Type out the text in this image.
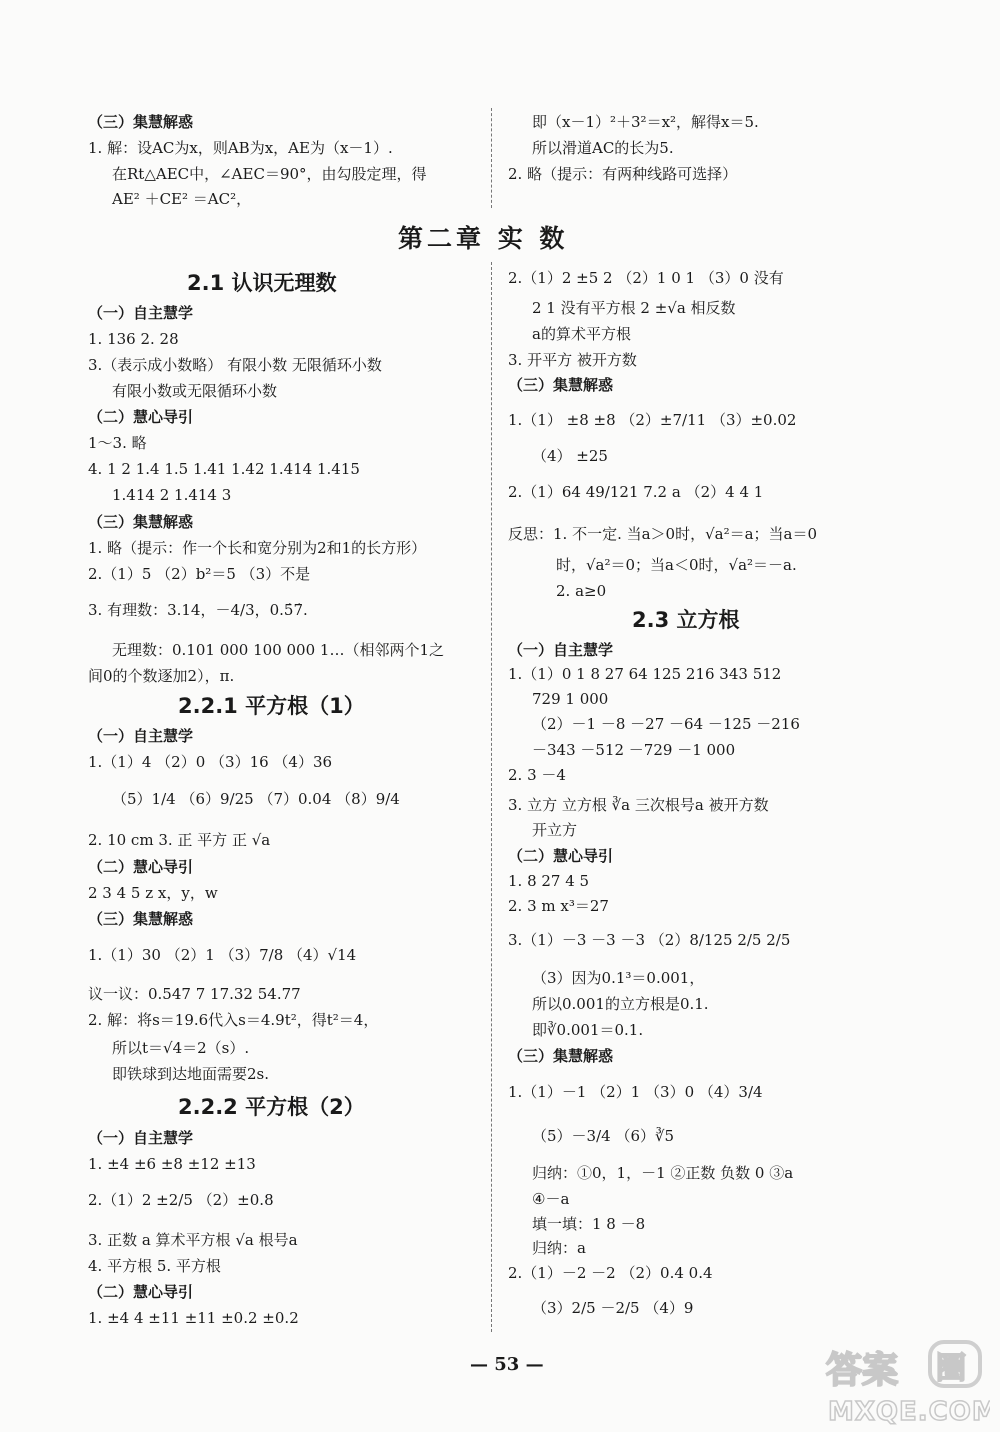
（三）集慧解惑
1. 解：设AC为x，则AB为x，AE为（x－1）.
在Rt△AEC中，∠AEC＝90°，由勾股定理，得
AE² ＋CE² ＝AC²，
即（x－1）²＋3²＝x²，解得x＝5.
所以滑道AC的长为5.
2. 略（提示：有两种线路可选择）
第二章 实 数
2.1 认识无理数
（一）自主慧学
1. 136 2. 28
3.（表示成小数略） 有限小数 无限循环小数
有限小数或无限循环小数
（二）慧心导引
1～3. 略
4. 1 2 1.4 1.5 1.41 1.42 1.414 1.415
1.414 2 1.414 3
（三）集慧解惑
1. 略（提示：作一个长和宽分别为2和1的长方形）
2.（1）5 （2）b²＝5 （3）不是
3. 有理数：3.14，－4/3，0.5̇7̇.
无理数：0.101 000 100 000 1…（相邻两个1之
间0的个数逐加2），π.
2.2.1 平方根（1）
（一）自主慧学
1.（1）4 （2）0 （3）16 （4）36
（5）1/4 （6）9/25 （7）0.04 （8）9/4
2. 10 cm 3. 正 平方 正 √a
（二）慧心导引
2 3 4 5 z x，y，w
（三）集慧解惑
1.（1）30 （2）1 （3）7/8 （4）√14
议一议：0.547 7 17.32 54.77
2. 解：将s＝19.6代入s＝4.9t²，得t²＝4，
所以t＝√4＝2（s）.
即铁球到达地面需要2s.
2.2.2 平方根（2）
（一）自主慧学
1. ±4 ±6 ±8 ±12 ±13
2.（1）2 ±2/5 （2）±0.8
3. 正数 a 算术平方根 √a 根号a
4. 平方根 5. 平方根
（二）慧心导引
1. ±4 4 ±11 ±11 ±0.2 ±0.2
2.（1）2 ±5 2 （2）1 0 1 （3）0 没有
2 1 没有平方根 2 ±√a 相反数
a的算术平方根
3. 开平方 被开方数
（三）集慧解惑
1.（1） ±8 ±8 （2）±7/11 （3）±0.02
（4） ±25
2.（1）64 49/121 7.2 a （2）4 4 1
反思：1. 不一定. 当a＞0时，√a²＝a；当a＝0
时，√a²＝0；当a＜0时，√a²＝－a.
2. a≥0
2.3 立方根
（一）自主慧学
1.（1）0 1 8 27 64 125 216 343 512
729 1 000
（2）－1 －8 －27 －64 －125 －216
－343 －512 －729 －1 000
2. 3 －4
3. 立方 立方根 ∛a 三次根号a 被开方数
开立方
（二）慧心导引
1. 8 27 4 5
2. 3 m x³＝27
3.（1）－3 －3 －3 （2）8/125 2/5 2/5
（3）因为0.1³＝0.001，
所以0.001的立方根是0.1.
即∛0.001＝0.1.
（三）集慧解惑
1.（1）－1 （2）1 （3）0 （4）3/4
（5）－3/4 （6）∛5
归纳：①0，1，－1 ②正数 负数 0 ③a
④－a
填一填：1 8 －8
归纳：a
2.（1）－2 －2 （2）0.4 0.4
（3）2/5 －2/5 （4）9
— 53 —	答案 圈
MXQE.COM
